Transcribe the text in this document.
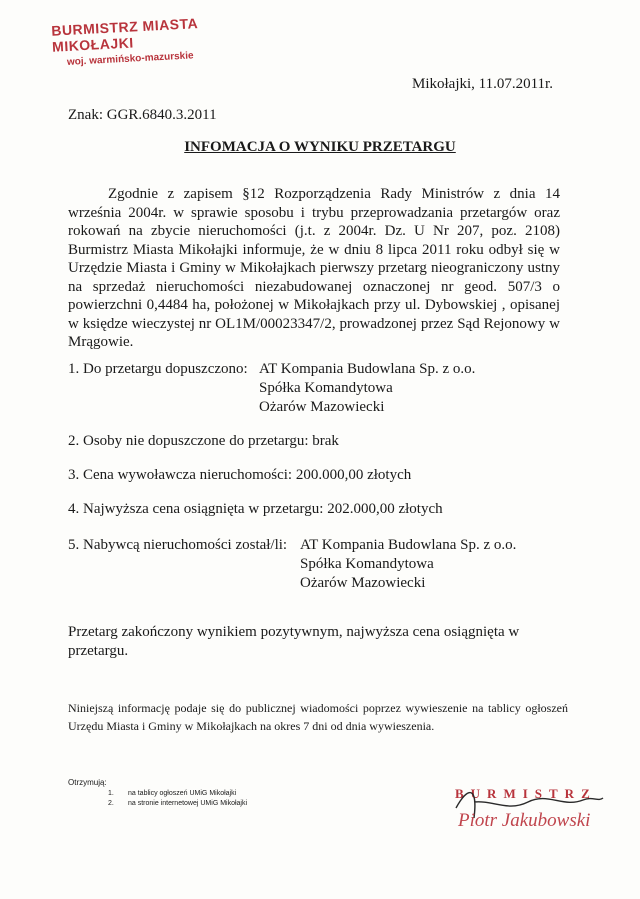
BURMISTRZ MIASTA MIKOŁAJKI
woj. warmińsko-mazurskie
Mikołajki, 11.07.2011r.
Znak: GGR.6840.3.2011
INFOMACJA O WYNIKU PRZETARGU
Zgodnie z zapisem §12 Rozporządzenia Rady Ministrów z dnia 14 września 2004r. w sprawie sposobu i trybu przeprowadzania przetargów oraz rokowań na zbycie nieruchomości (j.t. z 2004r. Dz. U Nr 207, poz. 2108) Burmistrz Miasta Mikołajki informuje, że w dniu 8 lipca 2011 roku odbył się w Urzędzie Miasta i Gminy w Mikołajkach pierwszy przetarg nieograniczony ustny na sprzedaż nieruchomości niezabudowanej oznaczonej nr geod. 507/3 o powierzchni 0,4484 ha, położonej w Mikołajkach przy ul. Dybowskiej , opisanej w księdze wieczystej nr OL1M/00023347/2, prowadzonej przez Sąd Rejonowy w Mrągowie.
1. Do przetargu dopuszczono: AT Kompania Budowlana Sp. z o.o.
Spółka Komandytowa
Ożarów Mazowiecki
2. Osoby nie dopuszczone do przetargu: brak
3. Cena wywoławcza nieruchomości: 200.000,00 złotych
4. Najwyższa cena osiągnięta w przetargu: 202.000,00 złotych
5. Nabywcą nieruchomości został/li: AT Kompania Budowlana Sp. z o.o.
Spółka Komandytowa
Ożarów Mazowiecki
Przetarg zakończony wynikiem pozytywnym, najwyższa cena osiągnięta w przetargu.
Niniejszą informację podaje się do publicznej wiadomości poprzez wywieszenie na tablicy ogłoszeń Urzędu Miasta i Gminy w Mikołajkach na okres 7 dni od dnia wywieszenia.
Otrzymują:
1. na tablicy ogłoszeń UMiG Mikołajki
2. na stronie internetowej UMiG Mikołajki
BURMISTRZ
Piotr Jakubowski
